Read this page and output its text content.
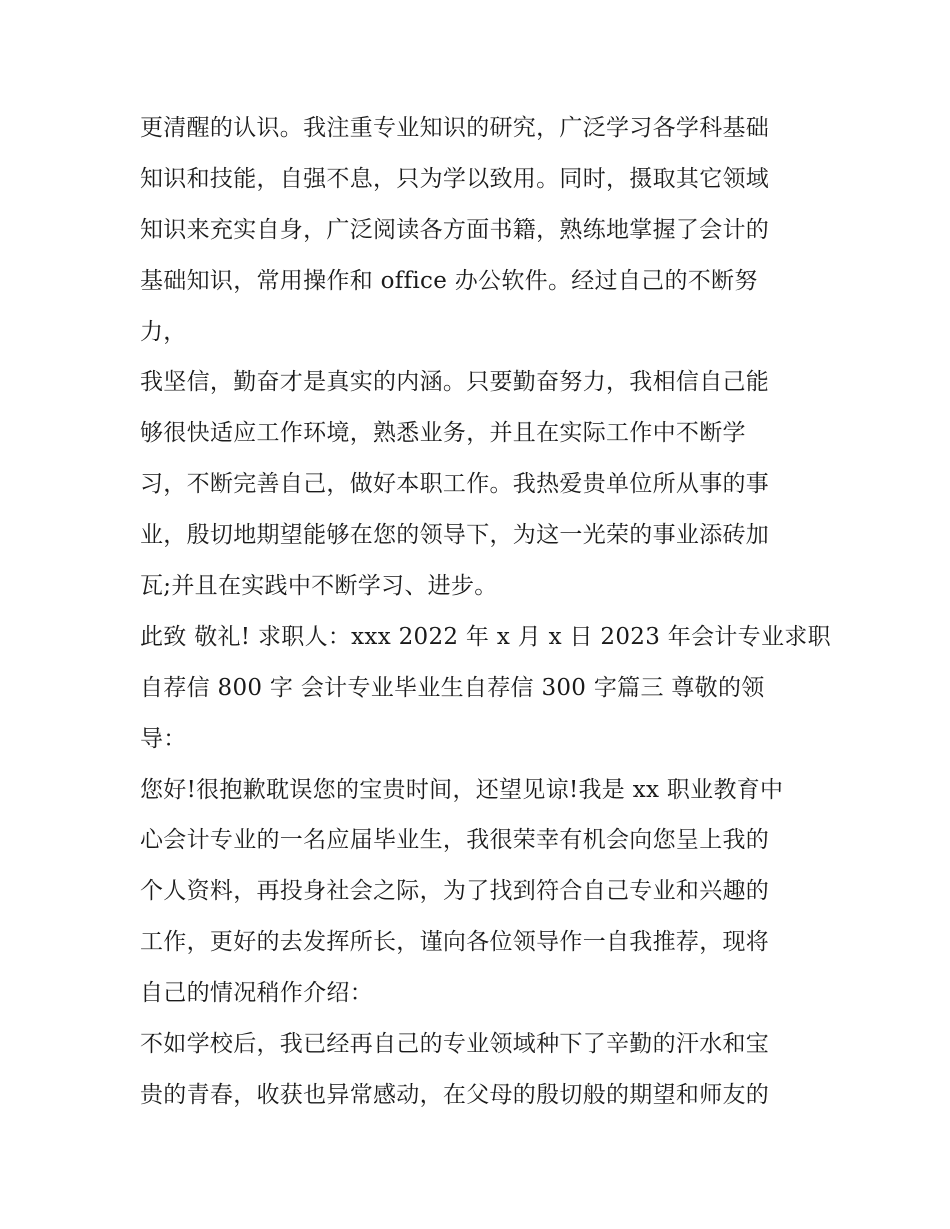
更清醒的认识。我注重专业知识的研究，广泛学习各学科基础
知识和技能，自强不息，只为学以致用。同时，摄取其它领域
知识来充实自身，广泛阅读各方面书籍，熟练地掌握了会计的
基础知识，常用操作和 office 办公软件。经过自己的不断努
力，
我坚信，勤奋才是真实的内涵。只要勤奋努力，我相信自己能
够很快适应工作环境，熟悉业务，并且在实际工作中不断学
习，不断完善自己，做好本职工作。我热爱贵单位所从事的事
业，殷切地期望能够在您的领导下，为这一光荣的事业添砖加
瓦;并且在实践中不断学习、进步。
此致 敬礼! 求职人：xxx 2022 年 x 月 x 日 2023 年会计专业求职
自荐信 800 字 会计专业毕业生自荐信 300 字篇三 尊敬的领
导：
您好!很抱歉耽误您的宝贵时间，还望见谅!我是 xx 职业教育中
心会计专业的一名应届毕业生，我很荣幸有机会向您呈上我的
个人资料，再投身社会之际，为了找到符合自己专业和兴趣的
工作，更好的去发挥所长，谨向各位领导作一自我推荐，现将
自己的情况稍作介绍：
不如学校后，我已经再自己的专业领域种下了辛勤的汗水和宝
贵的青春，收获也异常感动，在父母的殷切般的期望和师友的
